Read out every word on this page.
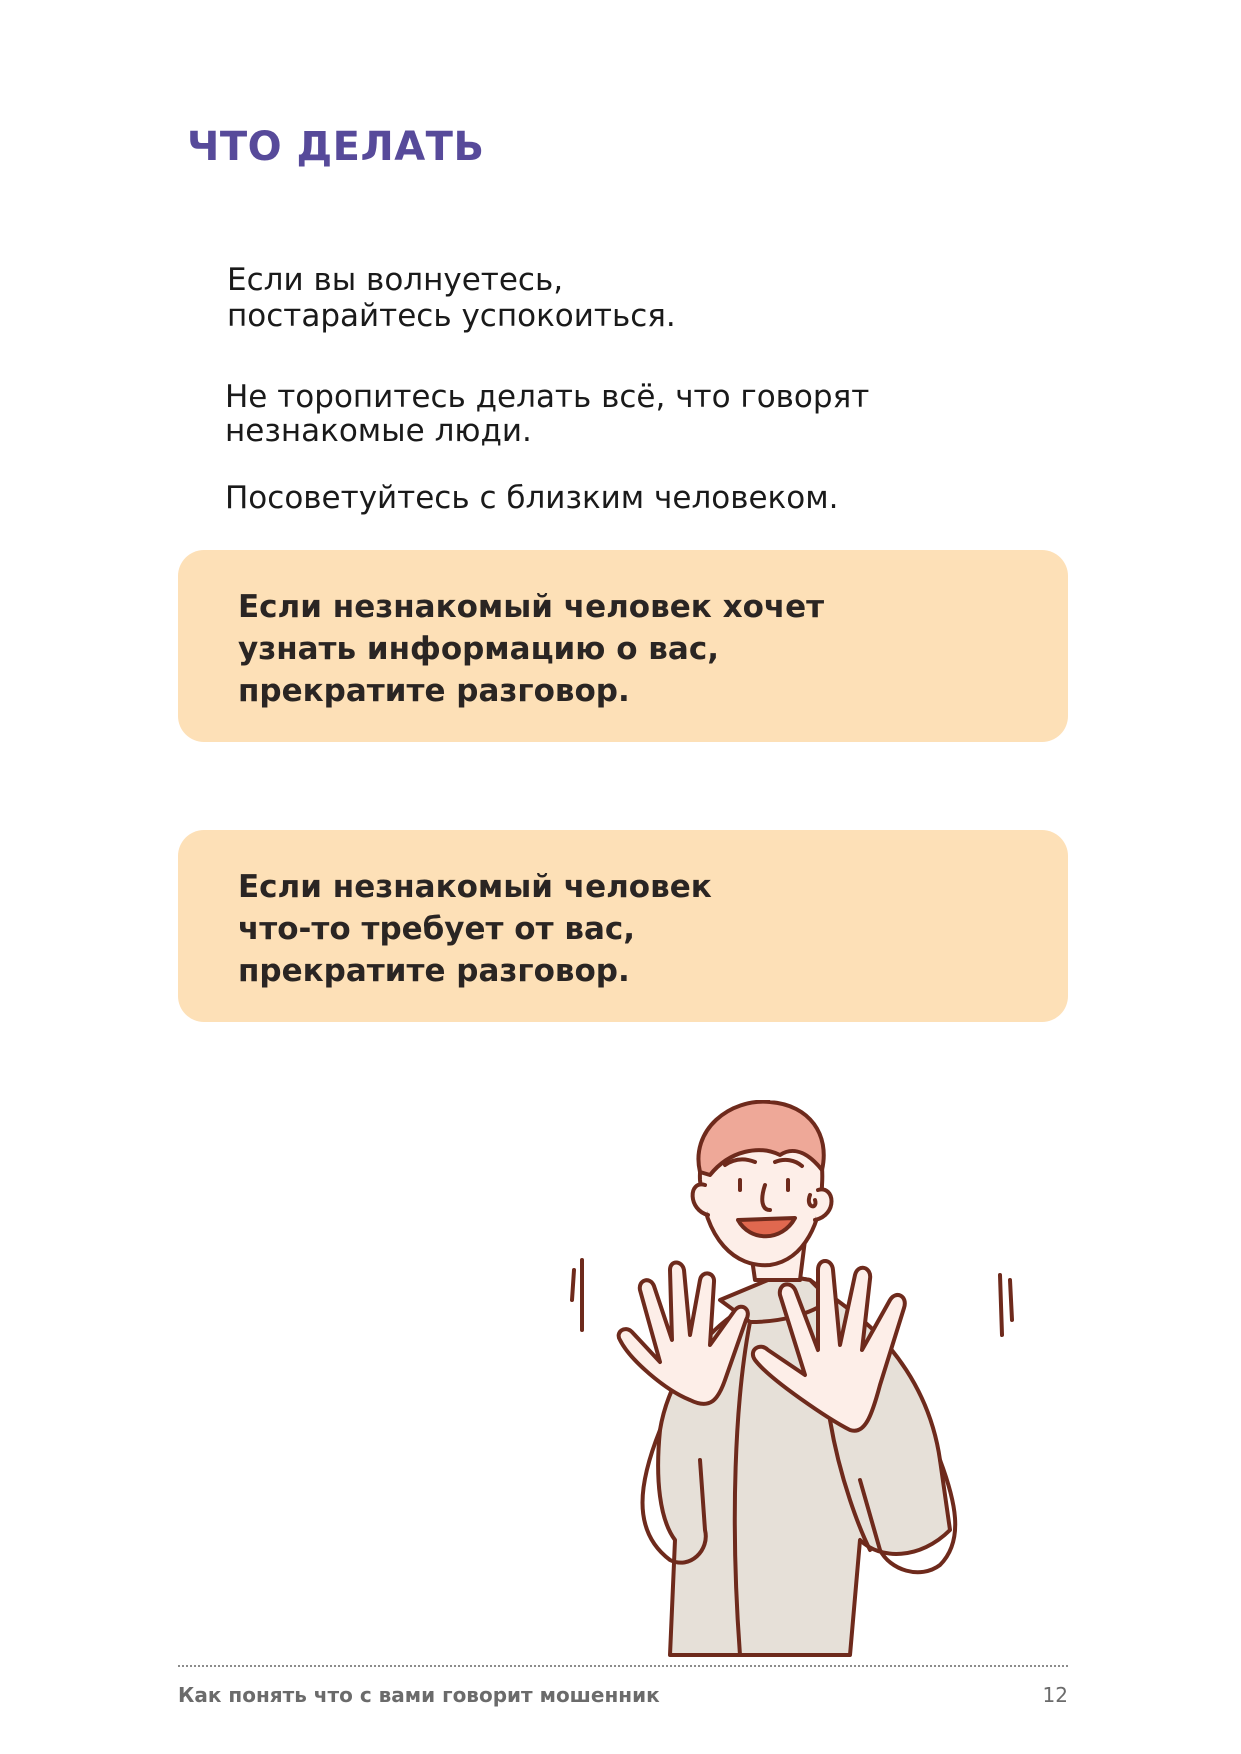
ЧТО ДЕЛАТЬ
Если вы волнуетесь,
постарайтесь успокоиться.
Не торопитесь делать всё, что говорят
незнакомые люди.
Посоветуйтесь с близким человеком.
Если незнакомый человек хочет
узнать информацию о вас,
прекратите разговор.
Если незнакомый человек
что-то требует от вас,
прекратите разговор.
Как понять что с вами говорит мошенник	12
